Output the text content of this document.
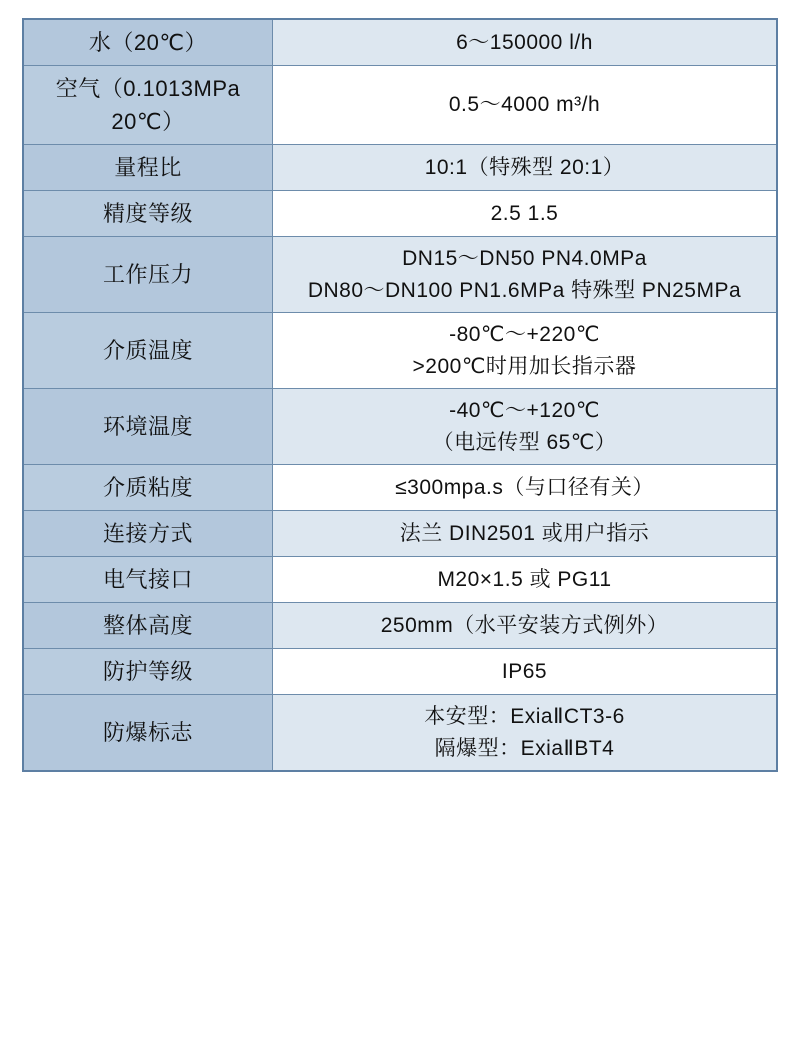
水（20℃）	6～150000 l/h

空气（0.1013MPa
20℃）	0.5～4000 m³/h

量程比	10:1（特殊型 20:1）

精度等级	2.5 1.5

工作压力	DN15～DN50 PN4.0MPa
DN80～DN100 PN1.6MPa 特殊型 PN25MPa

介质温度	-80℃～+220℃
>200℃时用加长指示器

环境温度	-40℃～+120℃
（电远传型 65℃）

介质粘度	≤300mpa.s（与口径有关）

连接方式	法兰 DIN2501 或用户指示

电气接口	M20×1.5 或 PG11

整体高度	250mm（水平安装方式例外）

防护等级	IP65

防爆标志	本安型：ExiaⅡCT3-6
隔爆型：ExiaⅡBT4
